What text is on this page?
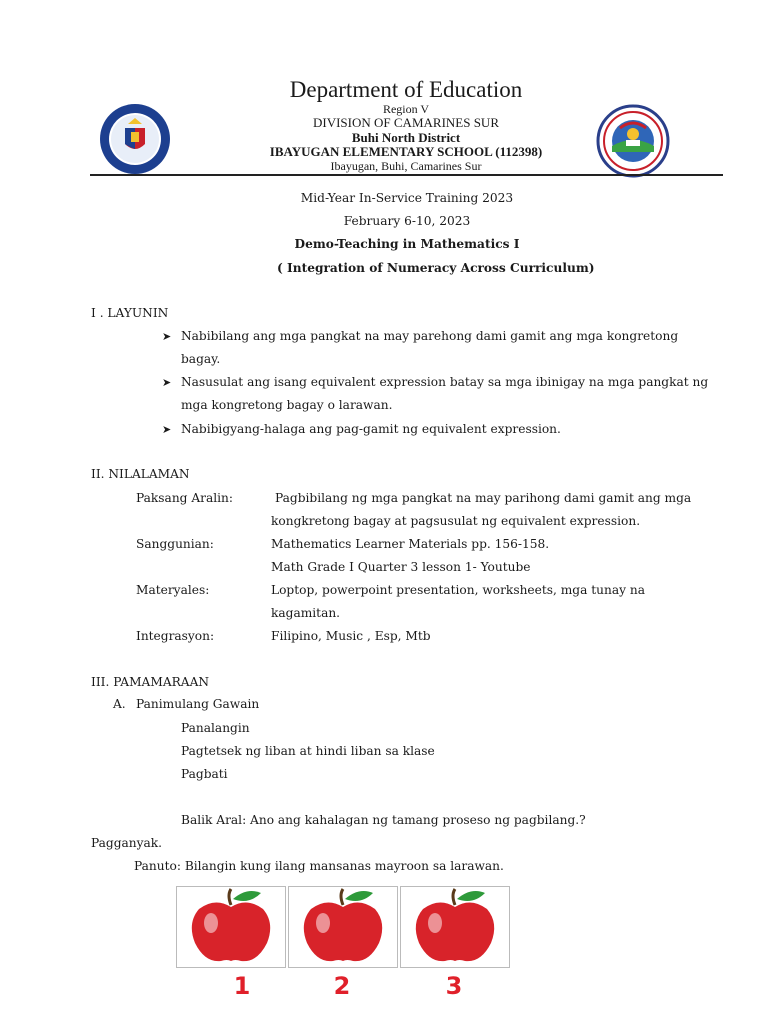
Department of Education
Region V
DIVISION OF CAMARINES SUR
Buhi North District
IBAYUGAN ELEMENTARY SCHOOL (112398)
Ibayugan, Buhi, Camarines Sur
Mid-Year In-Service Training 2023
February 6-10, 2023
Demo-Teaching in Mathematics I
( Integration of Numeracy Across Curriculum)
I . LAYUNIN
➤ Nabibilang ang mga pangkat na may parehong dami gamit ang mga kongretong
bagay.
➤ Nasusulat ang isang equivalent expression batay sa mga ibinigay na mga pangkat ng
mga kongretong bagay o larawan.
➤ Nabibigyang-halaga ang pag-gamit ng equivalent expression.
II. NILALAMAN
Paksang Aralin:	Pagbibilang ng mga pangkat na may parihong dami gamit ang mga
kongkretong bagay at pagsusulat ng equivalent expression.
Sanggunian:	Mathematics Learner Materials pp. 156-158.
Math Grade I Quarter 3 lesson 1- Youtube
Materyales:	Loptop, powerpoint presentation, worksheets, mga tunay na
kagamitan.
Integrasyon:	Filipino, Music , Esp, Mtb
III. PAMAMARAAN
A. Panimulang Gawain
Panalangin
Pagtetsek ng liban at hindi liban sa klase
Pagbati
Balik Aral: Ano ang kahalagan ng tamang proseso ng pagbilang.?
Pagganyak.
Panuto: Bilangin kung ilang mansanas mayroon sa larawan.
1	2	3
